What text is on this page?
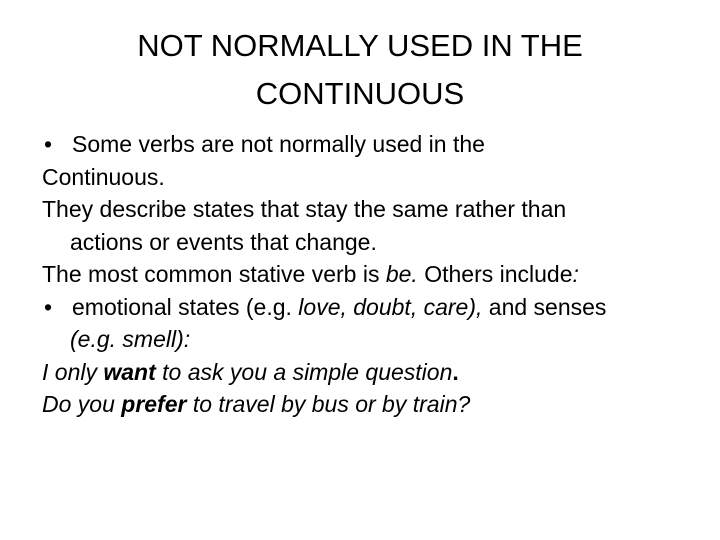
NOT NORMALLY USED IN THE
CONTINUOUS
• Some verbs are not normally used in the
Continuous.
They describe states that stay the same rather than
actions or events that change.
The most common stative verb is be. Others include:
• emotional states (e.g. love, doubt, care), and senses
(e.g. smell):
I only want to ask you a simple question.
Do you prefer to travel by bus or by train?
